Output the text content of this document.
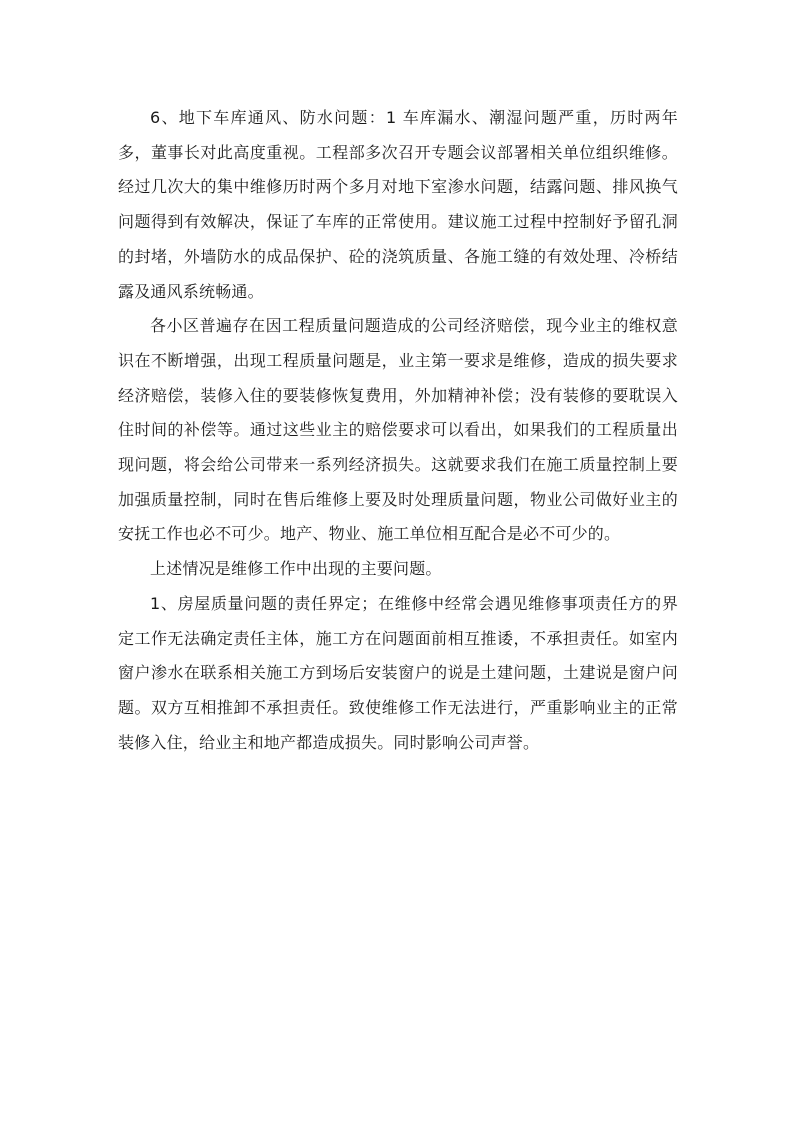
6、地下车库通风、防水问题：1 车库漏水、潮湿问题严重，历时两年多，董事长对此高度重视。工程部多次召开专题会议部署相关单位组织维修。经过几次大的集中维修历时两个多月对地下室渗水问题，结露问题、排风换气问题得到有效解决，保证了车库的正常使用。建议施工过程中控制好予留孔洞的封堵，外墙防水的成品保护、砼的浇筑质量、各施工缝的有效处理、冷桥结露及通风系统畅通。

各小区普遍存在因工程质量问题造成的公司经济赔偿，现今业主的维权意识在不断增强，出现工程质量问题是，业主第一要求是维修，造成的损失要求经济赔偿，装修入住的要装修恢复费用，外加精神补偿；没有装修的要耽误入住时间的补偿等。通过这些业主的赔偿要求可以看出，如果我们的工程质量出现问题，将会给公司带来一系列经济损失。这就要求我们在施工质量控制上要加强质量控制，同时在售后维修上要及时处理质量问题，物业公司做好业主的安抚工作也必不可少。地产、物业、施工单位相互配合是必不可少的。

上述情况是维修工作中出现的主要问题。

1、房屋质量问题的责任界定；在维修中经常会遇见维修事项责任方的界定工作无法确定责任主体，施工方在问题面前相互推诿，不承担责任。如室内窗户渗水在联系相关施工方到场后安装窗户的说是土建问题，土建说是窗户问题。双方互相推卸不承担责任。致使维修工作无法进行，严重影响业主的正常装修入住，给业主和地产都造成损失。同时影响公司声誉。
